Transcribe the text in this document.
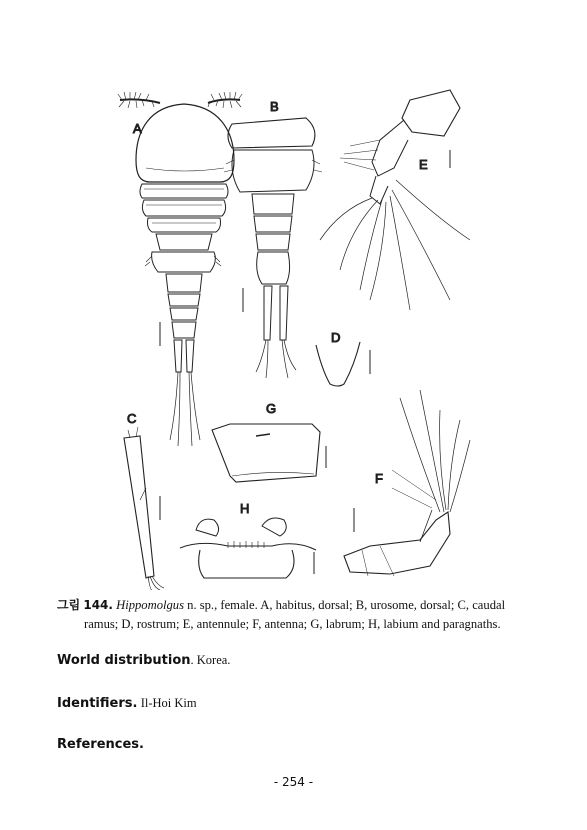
A
B
E
D
C
G
H
F
그림 144. Hippomolgus n. sp., female. A, habitus, dorsal; B, urosome, dorsal; C, caudal
ramus; D, rostrum; E, antennule; F, antenna; G, labrum; H, labium and paragnaths.
World distribution. Korea.
Identifiers. Il-Hoi Kim
References.
- 254 -
